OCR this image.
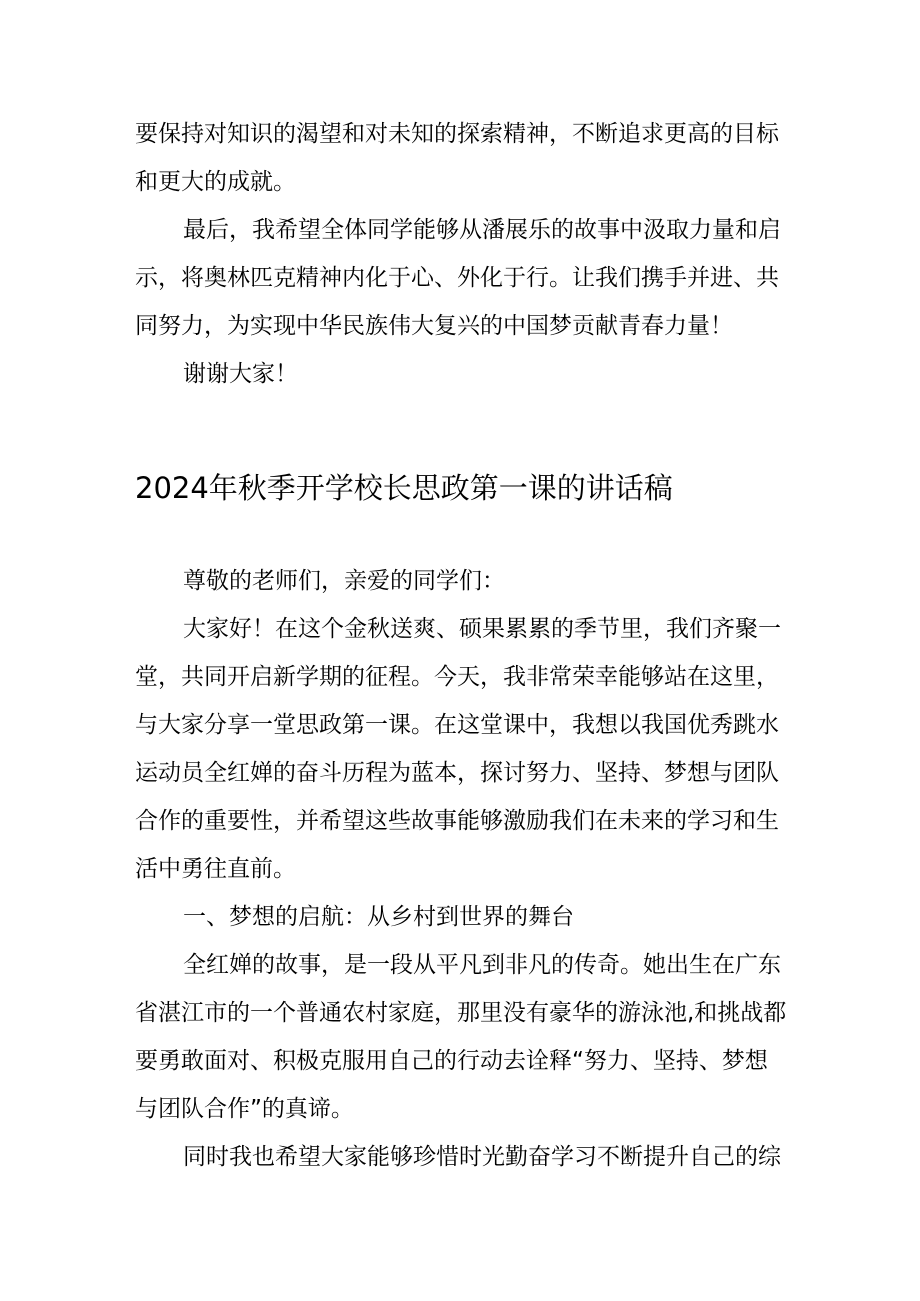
要保持对知识的渴望和对未知的探索精神，不断追求更高的目标
和更大的成就。
最后，我希望全体同学能够从潘展乐的故事中汲取力量和启
示，将奥林匹克精神内化于心、外化于行。让我们携手并进、共
同努力，为实现中华民族伟大复兴的中国梦贡献青春力量！
谢谢大家！
2024年秋季开学校长思政第一课的讲话稿
尊敬的老师们，亲爱的同学们：
大家好！在这个金秋送爽、硕果累累的季节里，我们齐聚一
堂，共同开启新学期的征程。今天，我非常荣幸能够站在这里，
与大家分享一堂思政第一课。在这堂课中，我想以我国优秀跳水
运动员全红婵的奋斗历程为蓝本，探讨努力、坚持、梦想与团队
合作的重要性，并希望这些故事能够激励我们在未来的学习和生
活中勇往直前。
一、梦想的启航：从乡村到世界的舞台
全红婵的故事，是一段从平凡到非凡的传奇。她出生在广东
省湛江市的一个普通农村家庭，那里没有豪华的游泳池,和挑战都
要勇敢面对、积极克服用自己的行动去诠释“努力、坚持、梦想
与团队合作”的真谛。
同时我也希望大家能够珍惜时光勤奋学习不断提升自己的综
